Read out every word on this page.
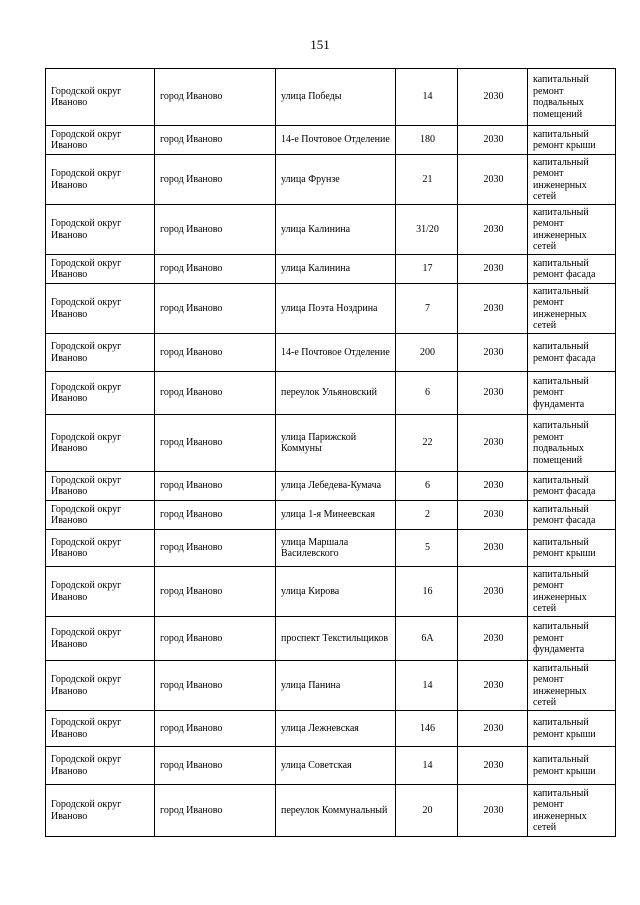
151
Городской округ Иваново	город Иваново	улица Победы	14	2030	капитальный ремонт подвальных помещений
Городской округ Иваново	город Иваново	14-е Почтовое Отделение	180	2030	капитальный ремонт крыши
Городской округ Иваново	город Иваново	улица Фрунзе	21	2030	капитальный ремонт инженерных сетей
Городской округ Иваново	город Иваново	улица Калинина	31/20	2030	капитальный ремонт инженерных сетей
Городской округ Иваново	город Иваново	улица Калинина	17	2030	капитальный ремонт фасада
Городской округ Иваново	город Иваново	улица Поэта Ноздрина	7	2030	капитальный ремонт инженерных сетей
Городской округ Иваново	город Иваново	14-е Почтовое Отделение	200	2030	капитальный ремонт фасада
Городской округ Иваново	город Иваново	переулок Ульяновский	6	2030	капитальный ремонт фундамента
Городской округ Иваново	город Иваново	улица Парижской Коммуны	22	2030	капитальный ремонт подвальных помещений
Городской округ Иваново	город Иваново	улица Лебедева-Кумача	6	2030	капитальный ремонт фасада
Городской округ Иваново	город Иваново	улица 1-я Минеевская	2	2030	капитальный ремонт фасада
Городской округ Иваново	город Иваново	улица Маршала Василевского	5	2030	капитальный ремонт крыши
Городской округ Иваново	город Иваново	улица Кирова	16	2030	капитальный ремонт инженерных сетей
Городской округ Иваново	город Иваново	проспект Текстильщиков	6А	2030	капитальный ремонт фундамента
Городской округ Иваново	город Иваново	улица Панина	14	2030	капитальный ремонт инженерных сетей
Городской округ Иваново	город Иваново	улица Лежневская	146	2030	капитальный ремонт крыши
Городской округ Иваново	город Иваново	улица Советская	14	2030	капитальный ремонт крыши
Городской округ Иваново	город Иваново	переулок Коммунальный	20	2030	капитальный ремонт инженерных сетей
